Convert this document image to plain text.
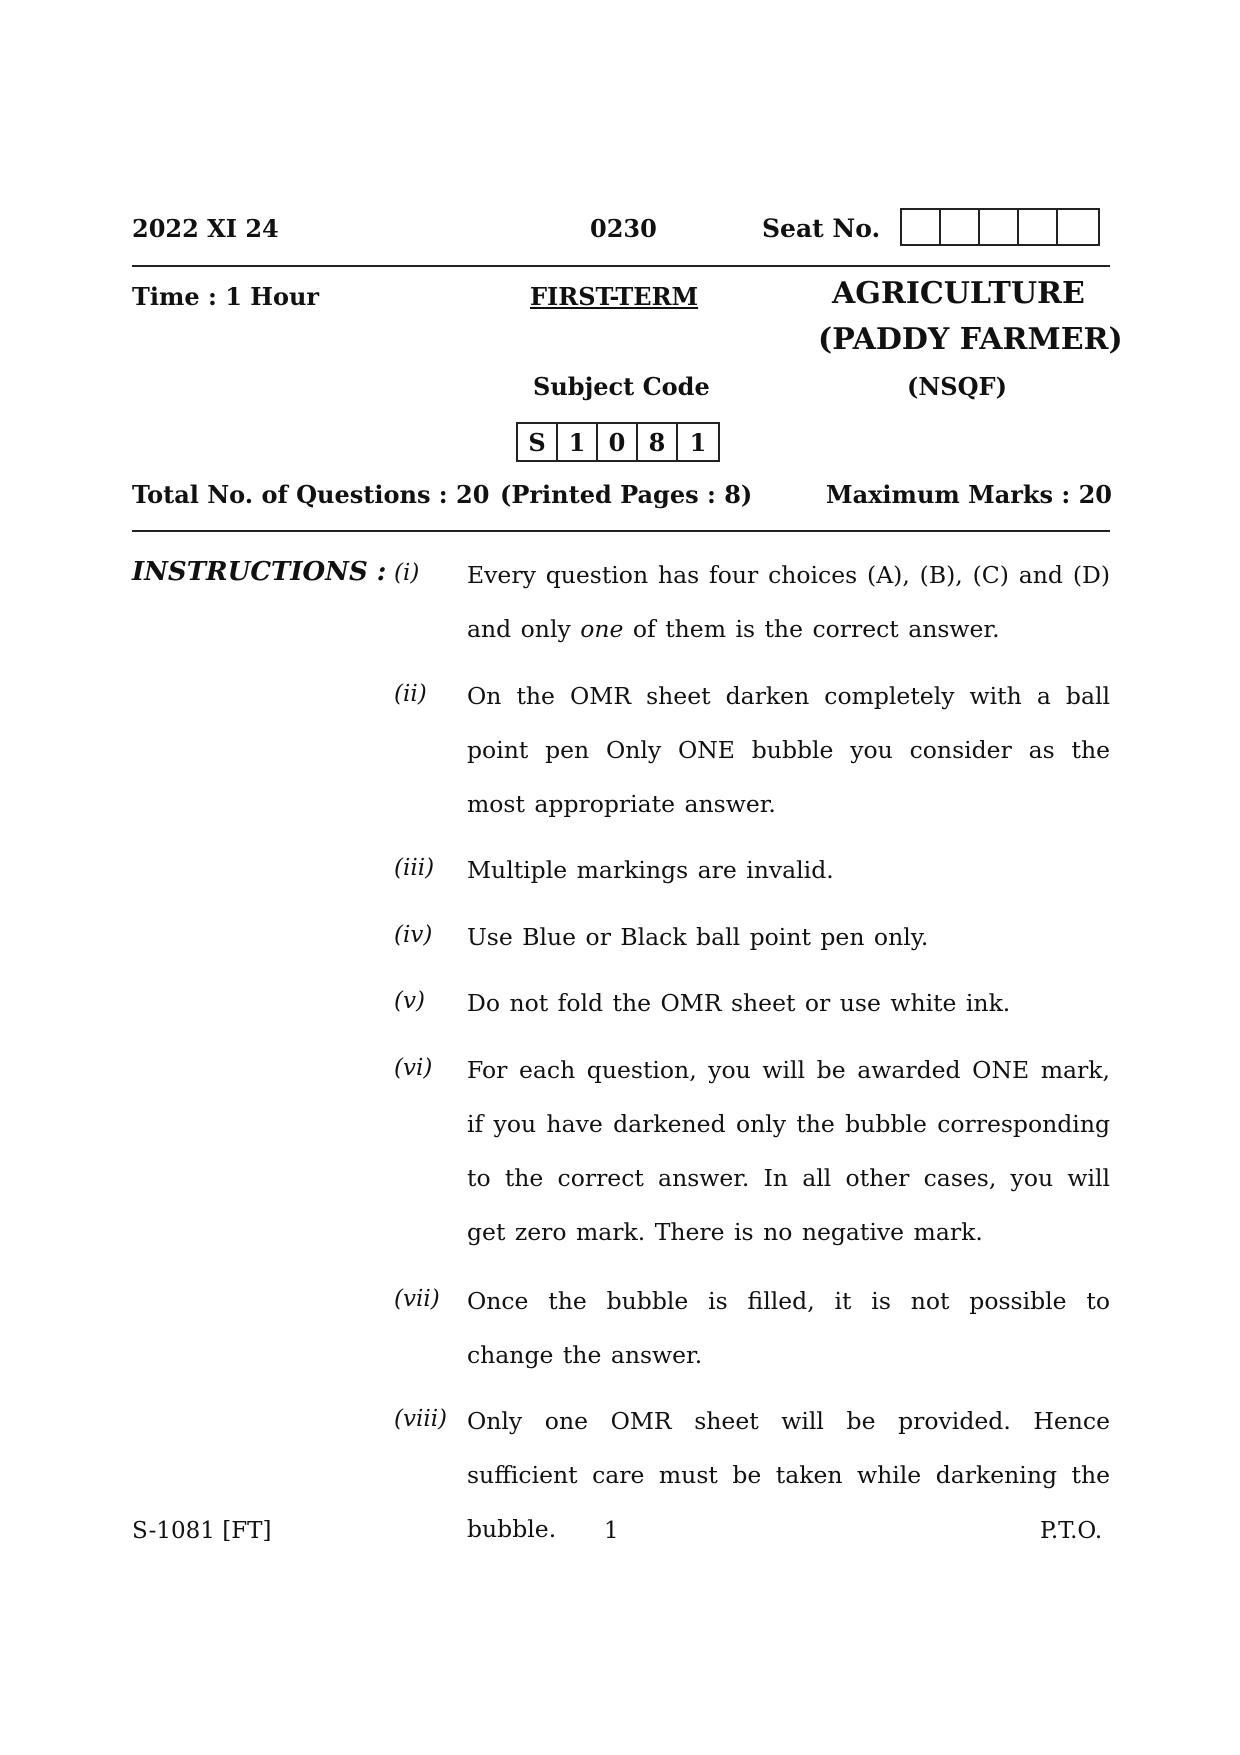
2022 XI 24	0230	Seat No.
Time : 1 Hour	FIRST-TERM	AGRICULTURE
(PADDY FARMER)
Subject Code	(NSQF)
S 1 0 8	1
Total No. of Questions : 20 (Printed Pages : 8)	Maximum Marks : 20
INSTRUCTIONS : (i) Every question has four choices (A), (B), (C) and (D) and only one of them is the correct answer.
(ii) On the OMR sheet darken completely with a ball point pen Only ONE bubble you consider as the most appropriate answer.
(iii) Multiple markings are invalid.
(iv) Use Blue or Black ball point pen only.
(v) Do not fold the OMR sheet or use white ink.
(vi) For each question, you will be awarded ONE mark, if you have darkened only the bubble corresponding to the correct answer. In all other cases, you will get zero mark. There is no negative mark.
(vii) Once the bubble is filled, it is not possible to change the answer.
(viii) Only one OMR sheet will be provided. Hence sufficient care must be taken while darkening the bubble.
S-1081 [FT]	1	P.T.O.
